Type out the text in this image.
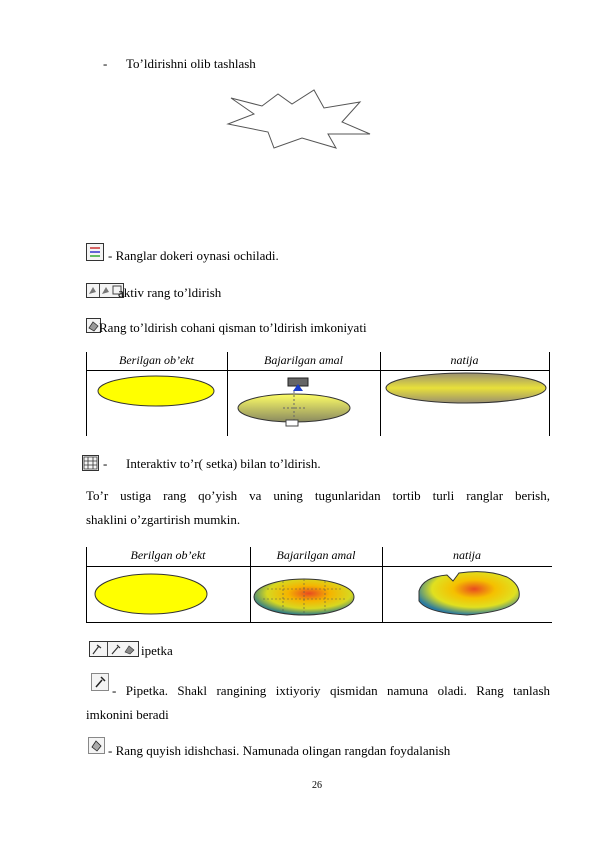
- To’ldirishni olib tashlash
- Ranglar dokeri oynasi ochiladi.
aktiv rang to’ldirish
Rang to’ldirish cohani qisman to’ldirish imkoniyati
Berilgan ob’ekt	Bajarilgan amal	natija
- Interaktiv to’r( setka) bilan to’ldirish.
To’r ustiga rang qo’yish va uning tugunlaridan tortib turli ranglar berish,
shaklini o’zgartirish mumkin.
Berilgan ob’ekt	Bajarilgan amal	natija
ipetka
- Pipetka. Shakl rangining ixtiyoriy qismidan namuna oladi. Rang tanlash
imkonini beradi
- Rang quyish idishchasi. Namunada olingan rangdan foydalanish
26
